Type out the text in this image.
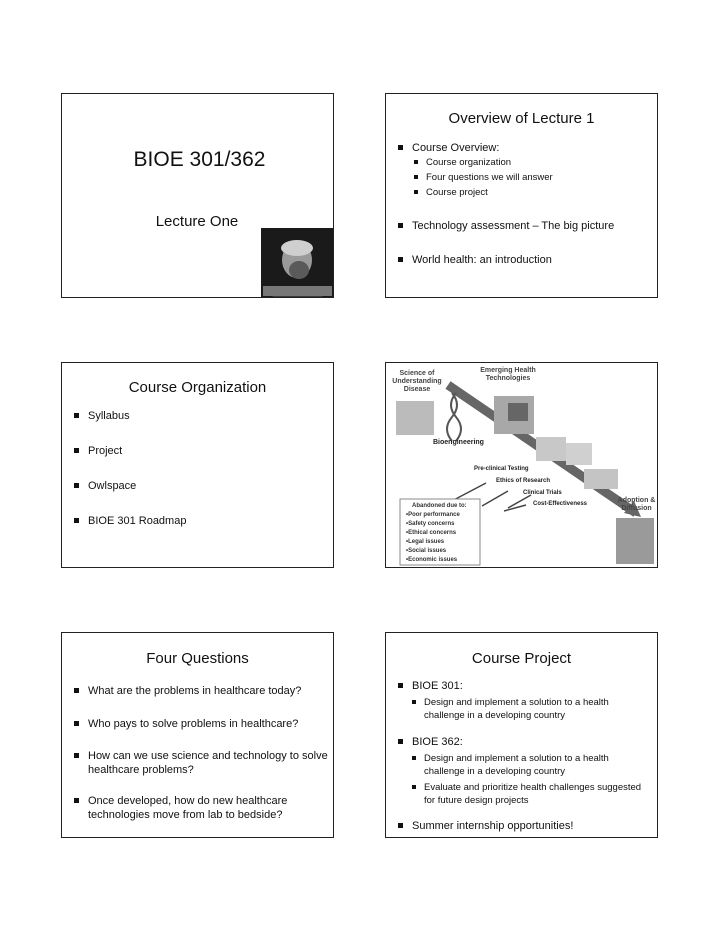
BIOE 301/362
Lecture One
Overview of Lecture 1
Course Overview:
Course organization
Four questions we will answer
Course project
Technology assessment – The big picture
World health: an introduction
Course Organization
Syllabus
Project
Owlspace
BIOE 301 Roadmap
Science of Understanding Disease
Emerging Health Technologies
Bioengineering
Pre-clinical Testing
Ethics of Research
Clinical Trials
Cost-Effectiveness	Adoption & Diffusion
Abandoned due to:
•Poor performance
•Safety concerns
•Ethical concerns
•Legal issues
•Social issues
•Economic issues
Four Questions
What are the problems in healthcare today?
Who pays to solve problems in healthcare?
How can we use science and technology to solve healthcare problems?
Once developed, how do new healthcare technologies move from lab to bedside?
Course Project
BIOE 301:
Design and implement a solution to a health challenge in a developing country
BIOE 362:
Design and implement a solution to a health challenge in a developing country
Evaluate and prioritize health challenges suggested for future design projects
Summer internship opportunities!
